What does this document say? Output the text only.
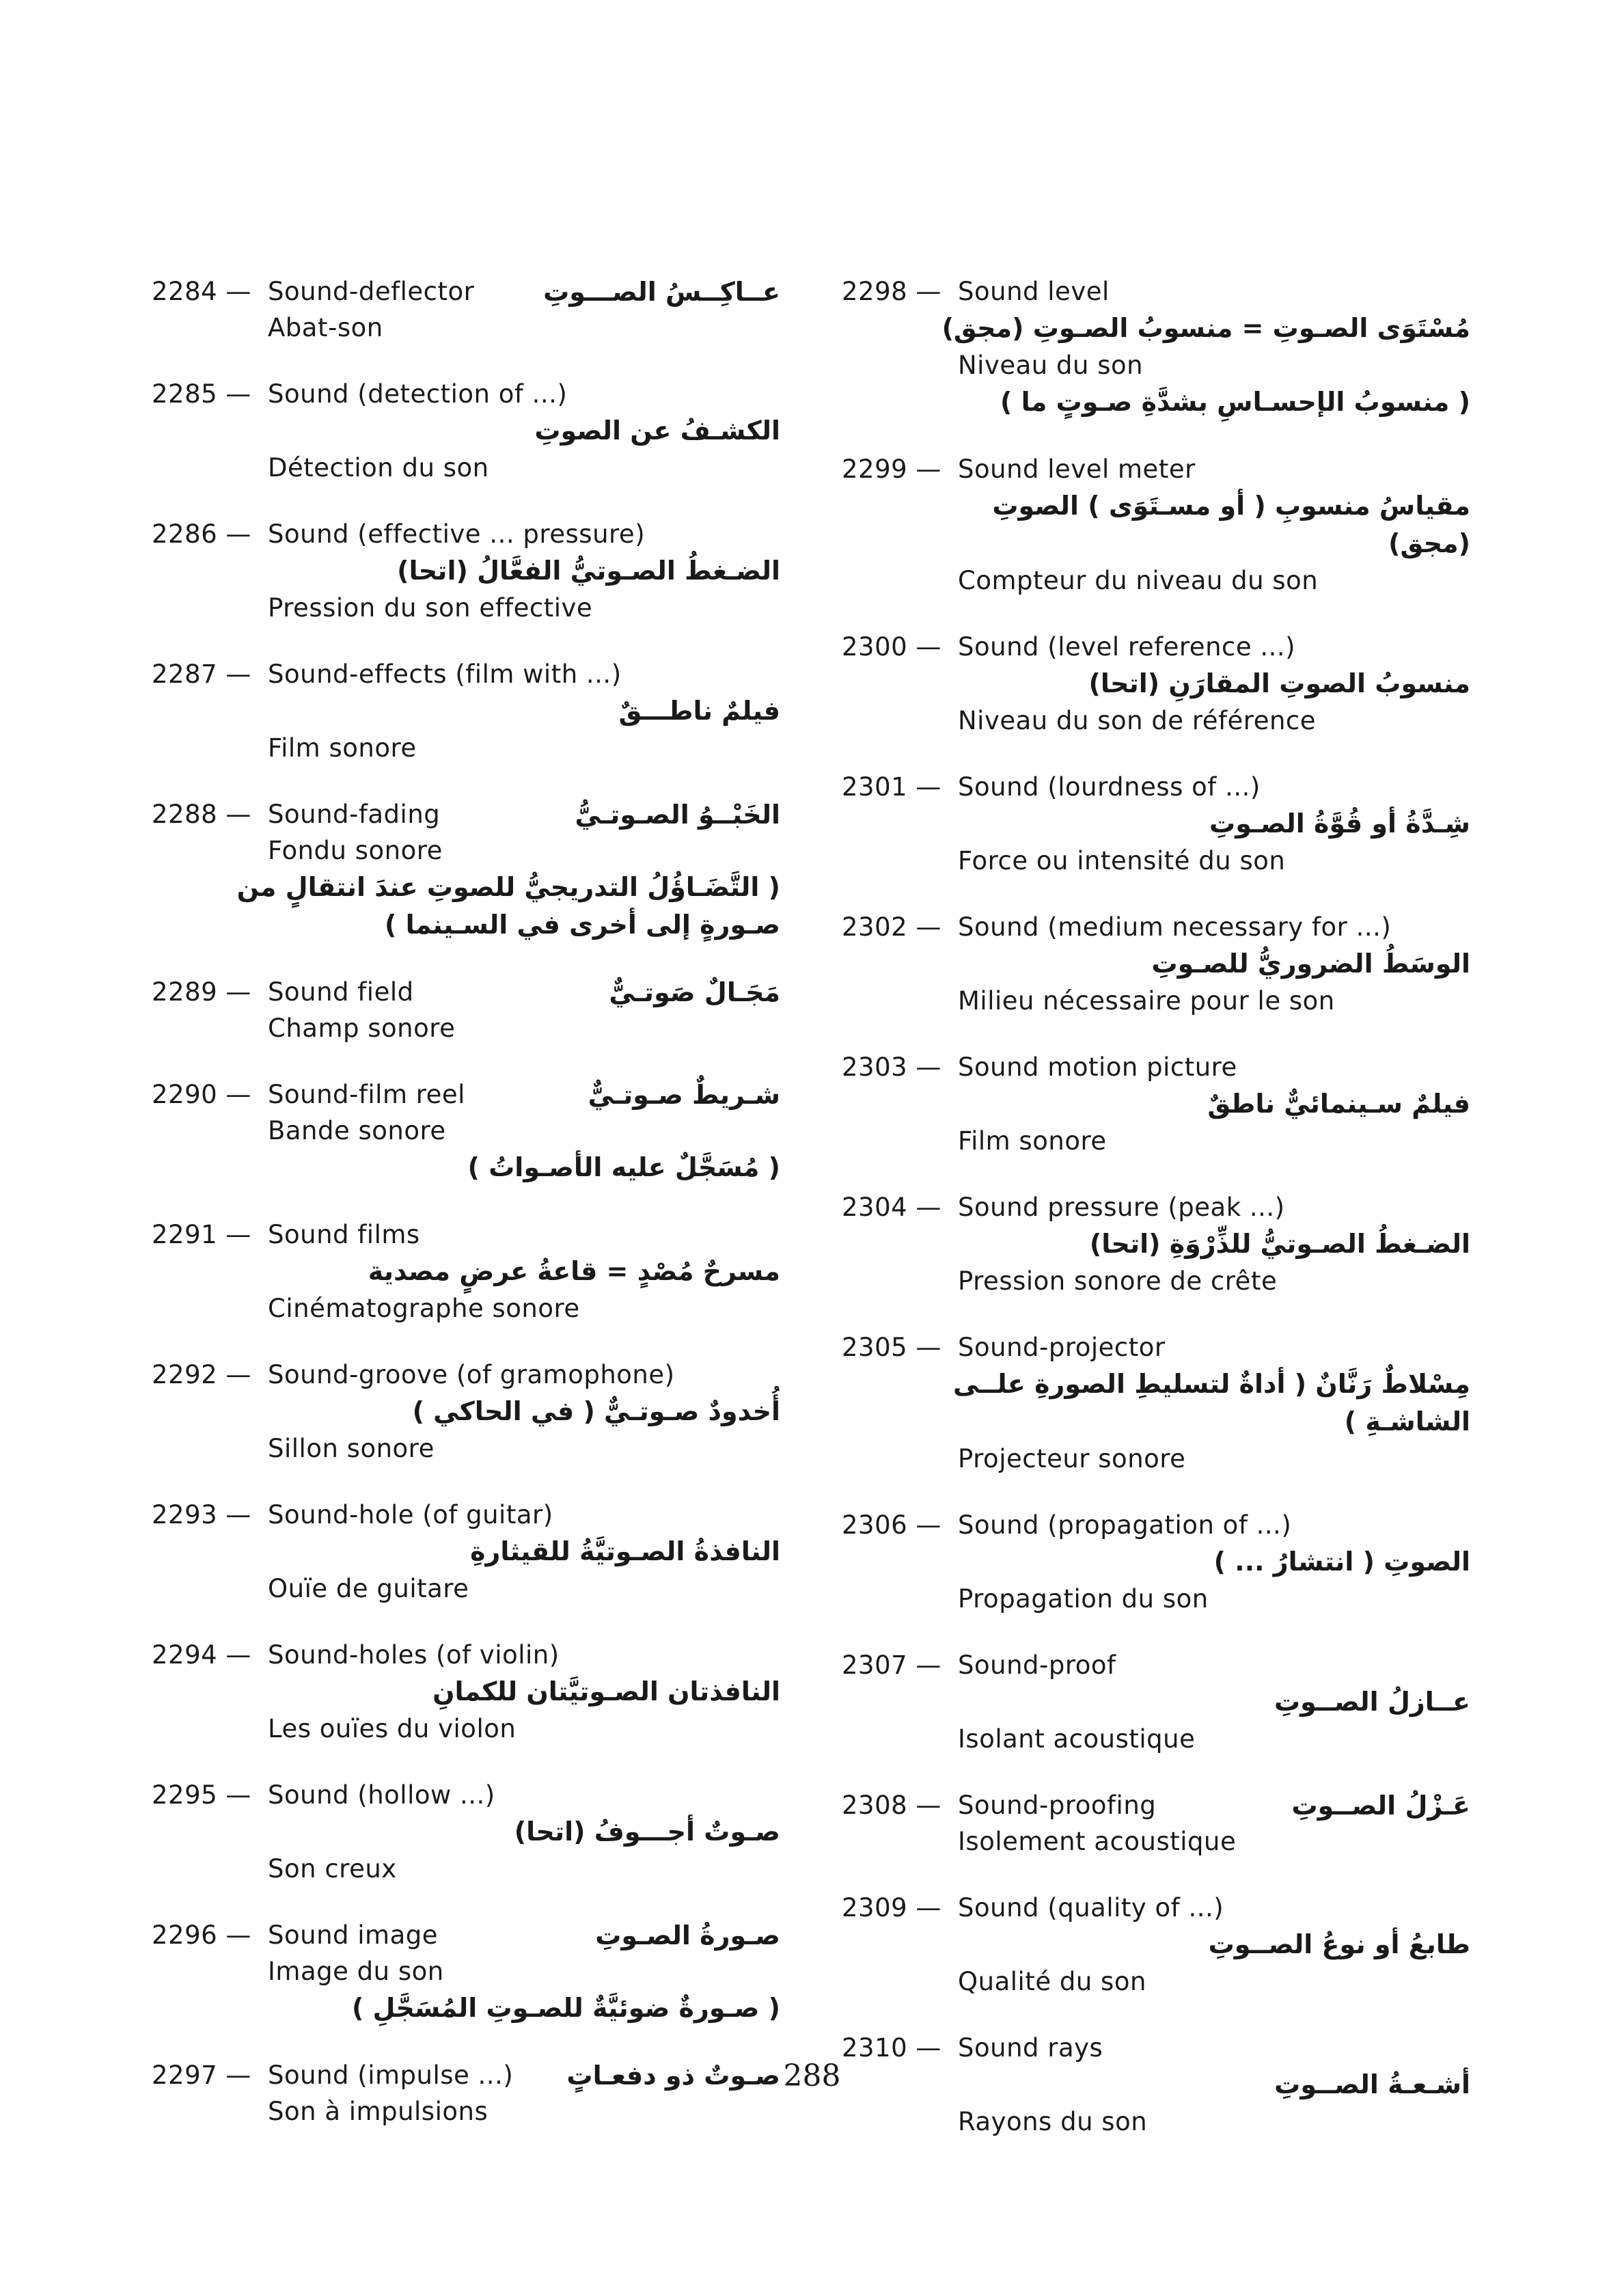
2284 — Sound-deflector	عــاكِــسُ الصـــوتِ
Abat-son
2285 — Sound (detection of ...)
الكشـفُ عن الصوتِ
Détection du son
2286 — Sound (effective ... pressure)
الضـغطُ الصـوتيُّ الفعَّالُ (اتحا)
Pression du son effective
2287 — Sound-effects (film with ...)
فيلمٌ ناطـــقٌ
Film sonore
2288 — Sound-fading	الخَبْــوُ الصـوتـيُّ
Fondu sonore
( التَّضَـاؤُلُ التدريجيُّ للصوتِ عندَ انتقالٍ من
صـورةٍ إلى أخرى في السـينما )
2289 — Sound field	مَجَـالٌ صَوتـيٌّ
Champ sonore
2290 — Sound-film reel	شـريطٌ صـوتـيٌّ
Bande sonore
( مُسَجَّلٌ عليه الأصـواتُ )
2291 — Sound films
مسرحٌ مُصْدٍ = قاعةُ عرضٍ مصدية
Cinématographe sonore
2292 — Sound-groove (of gramophone)
أُخدودٌ صـوتـيٌّ ( في الحاكي )
Sillon sonore
2293 — Sound-hole (of guitar)
النافذةُ الصـوتيَّةُ للقيثارةِ
Ouïe de guitare
2294 — Sound-holes (of violin)
النافذتان الصـوتيَّتان للكمانِ
Les ouïes du violon
2295 — Sound (hollow ...)
صـوتٌ أجـــوفُ (اتحا)
Son creux
2296 — Sound image	صـورةُ الصـوتِ
Image du son
( صـورةٌ ضوئيَّةٌ للصـوتِ المُسَجَّلِ )
2297 — Sound (impulse ...) صـوتٌ ذو دفعـاتٍ
Son à impulsions
2298 — Sound level
مُسْتَوَى الصـوتِ = منسوبُ الصـوتِ (مجق)
Niveau du son
( منسوبُ الإحسـاسِ بشدَّةِ صـوتٍ ما )
2299 — Sound level meter
مقياسُ منسوبِ ( أو مسـتَوَى ) الصوتِ (مجق)
Compteur du niveau du son
2300 — Sound (level reference ...)
منسوبُ الصوتِ المقارَنِ (اتحا)
Niveau du son de référence
2301 — Sound (lourdness of ...)
شِـدَّةُ أو قُوَّةُ الصـوتِ
Force ou intensité du son
2302 — Sound (medium necessary for ...)
الوسَطُ الضروريُّ للصـوتِ
Milieu nécessaire pour le son
2303 — Sound motion picture
فيلمٌ سـينمائيٌّ ناطقٌ
Film sonore
2304 — Sound pressure (peak ...)
الضـغطُ الصـوتيُّ للذِّرْوَةِ (اتحا)
Pression sonore de crête
2305 — Sound-projector
مِسْلاطٌ رَنَّانٌ ( أداةٌ لتسليطِ الصورةِ علــى
الشاشـةِ )
Projecteur sonore
2306 — Sound (propagation of ...)
الصوتِ ( انتشارُ ... )
Propagation du son
2307 — Sound-proof
عــازلُ الصــوتِ
Isolant acoustique
2308 — Sound-proofing	عَـزْلُ الصــوتِ
Isolement acoustique
2309 — Sound (quality of ...)
طابعُ أو نوعُ الصــوتِ
Qualité du son
2310 — Sound rays
أشـعـةُ الصــوتِ
Rayons du son
288
